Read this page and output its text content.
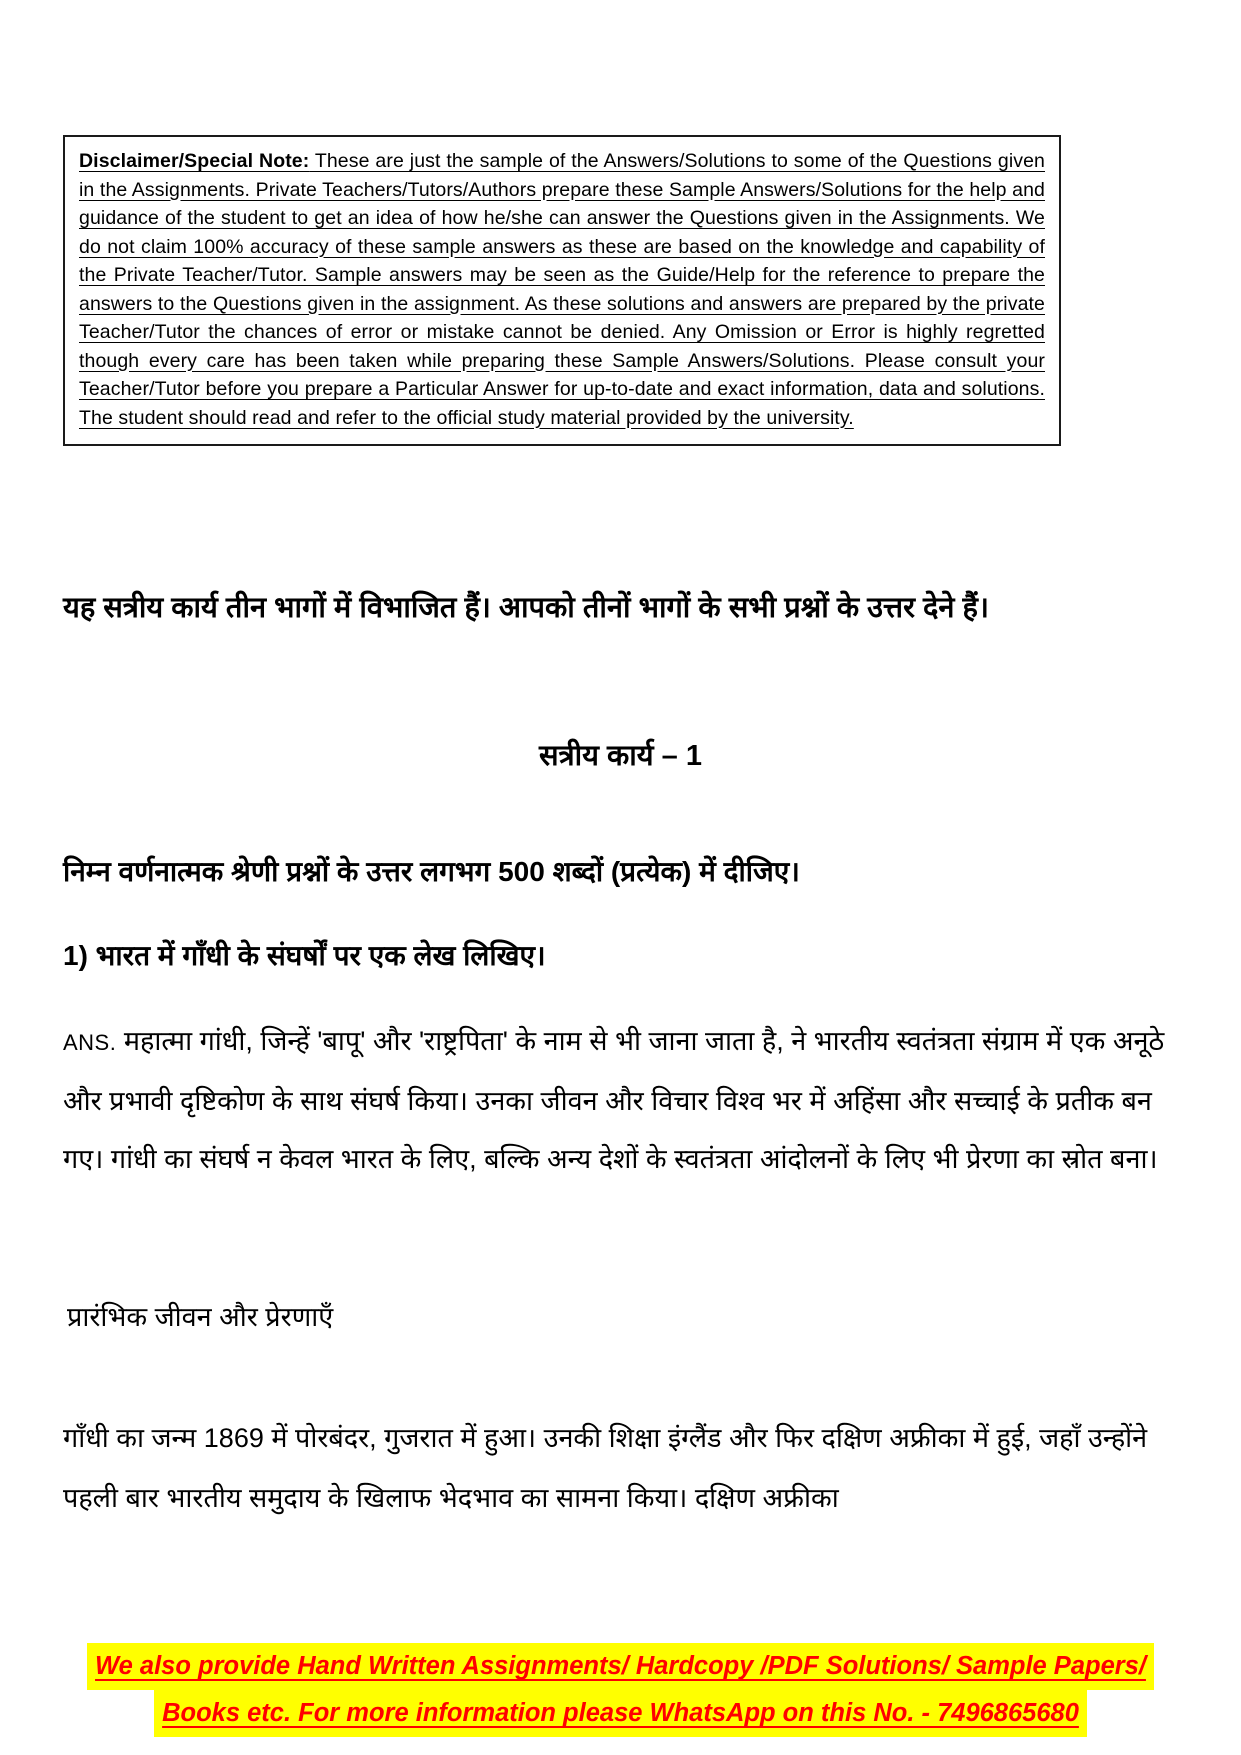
Disclaimer/Special Note: These are just the sample of the Answers/Solutions to some of the Questions given in the Assignments. Private Teachers/Tutors/Authors prepare these Sample Answers/Solutions for the help and guidance of the student to get an idea of how he/she can answer the Questions given in the Assignments. We do not claim 100% accuracy of these sample answers as these are based on the knowledge and capability of the Private Teacher/Tutor. Sample answers may be seen as the Guide/Help for the reference to prepare the answers to the Questions given in the assignment. As these solutions and answers are prepared by the private Teacher/Tutor the chances of error or mistake cannot be denied. Any Omission or Error is highly regretted though every care has been taken while preparing these Sample Answers/Solutions. Please consult your Teacher/Tutor before you prepare a Particular Answer for up-to-date and exact information, data and solutions. The student should read and refer to the official study material provided by the university.

यह सत्रीय कार्य तीन भागों में विभाजित हैं। आपको तीनों भागों के सभी प्रश्नों के उत्तर देने हैं।
सत्रीय कार्य – 1
निम्न वर्णनात्मक श्रेणी प्रश्नों के उत्तर लगभग 500 शब्दों (प्रत्येक) में दीजिए।
1) भारत में गाँधी के संघर्षों पर एक लेख लिखिए।
ANS. महात्मा गांधी, जिन्हें 'बापू' और 'राष्ट्रपिता' के नाम से भी जाना जाता है, ने भारतीय स्वतंत्रता संग्राम में एक अनूठे और प्रभावी दृष्टिकोण के साथ संघर्ष किया। उनका जीवन और विचार विश्व भर में अहिंसा और सच्चाई के प्रतीक बन गए। गांधी का संघर्ष न केवल भारत के लिए, बल्कि अन्य देशों के स्वतंत्रता आंदोलनों के लिए भी प्रेरणा का स्रोत बना।
प्रारंभिक जीवन और प्रेरणाएँ
गाँधी का जन्म 1869 में पोरबंदर, गुजरात में हुआ। उनकी शिक्षा इंग्लैंड और फिर दक्षिण अफ्रीका में हुई, जहाँ उन्होंने पहली बार भारतीय समुदाय के खिलाफ भेदभाव का सामना किया। दक्षिण अफ्रीका
We also provide Hand Written Assignments/ Hardcopy /PDF Solutions/ Sample Papers/
Books etc. For more information please WhatsApp on this No. - 7496865680
